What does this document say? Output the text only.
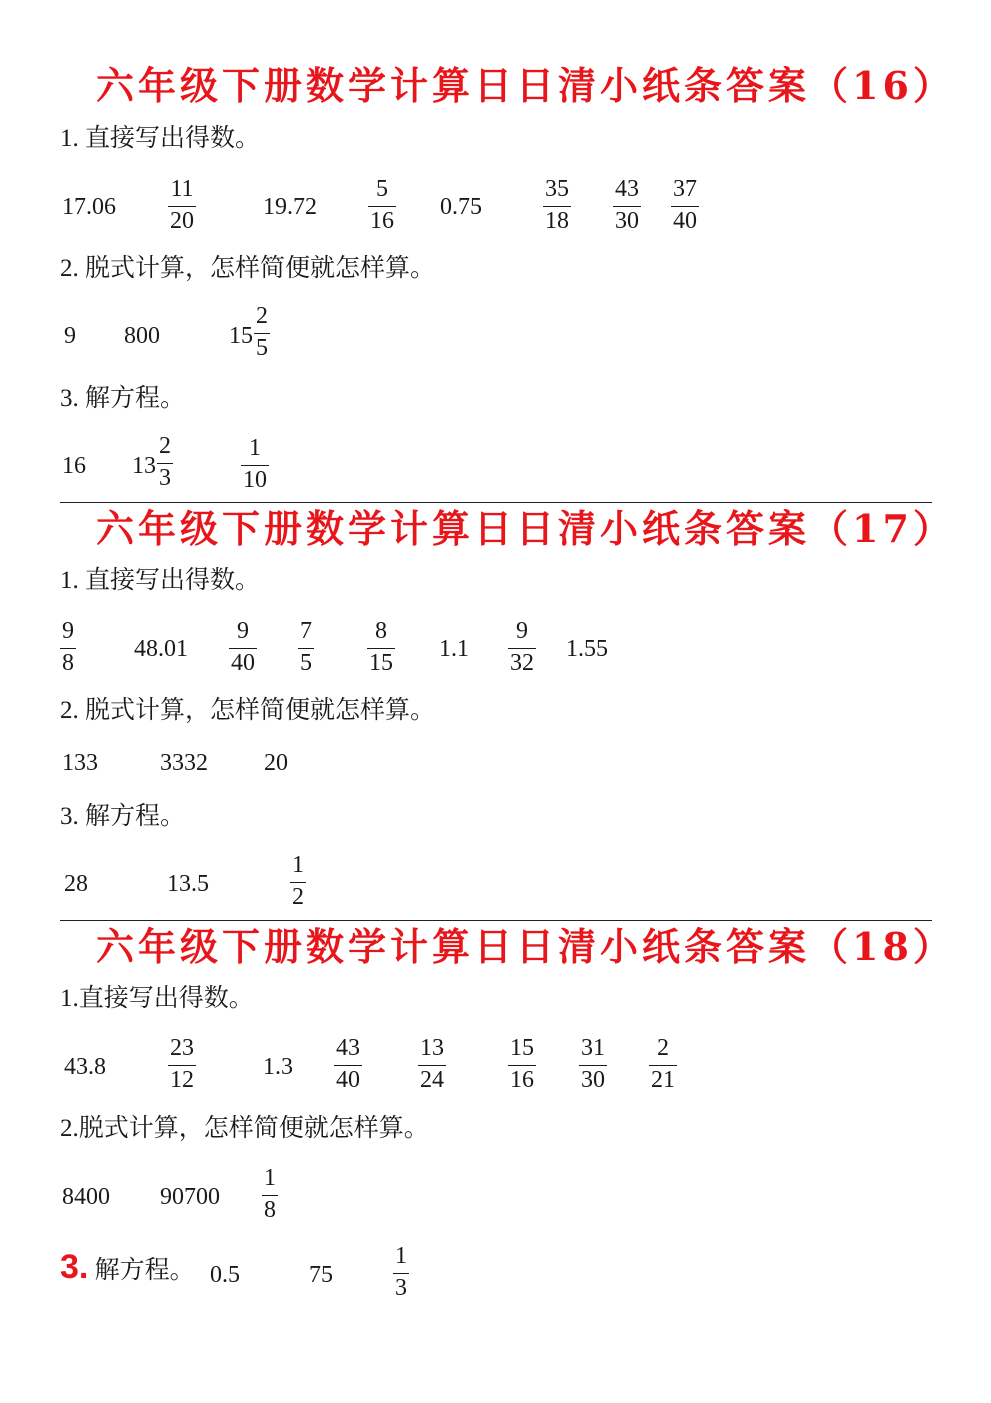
六年级下册数学计算日日清小纸条答案（16）
1. 直接写出得数。
$17.06 \frac{11}{20}$	$19.72 \frac{5}{16} 0.75$	$\frac{35}{18} \frac{43}{30} \frac{37}{40}$
2. 脱式计算，怎样简便就怎样算。
9 800	$15 \frac{2}{5}$
3. 解方程。
16 $13 \frac{2}{3}$	$\frac{1}{10}$
六年级下册数学计算日日清小纸条答案（17）
1. 直接写出得数。
$\frac{9}{8} 48.01 \frac{9}{40} \frac{7}{5} \frac{8}{15} 1.1 \frac{9}{32} 1.55$
2. 脱式计算，怎样简便就怎样算。
133	3332 20
3. 解方程。
28	13.5	$\frac{1}{2}$
六年级下册数学计算日日清小纸条答案（18）
1.直接写出得数。
43.8	$\frac{23}{12}$	$1.3 \frac{43}{40} \frac{13}{24}$	$\frac{15}{16} \frac{31}{30} \frac{2}{21}$
2.脱式计算，怎样简便就怎样算。
8400 $90700 \frac{1}{8}$
3. 解方程。 0.5	75	$\frac{1}{3}$
